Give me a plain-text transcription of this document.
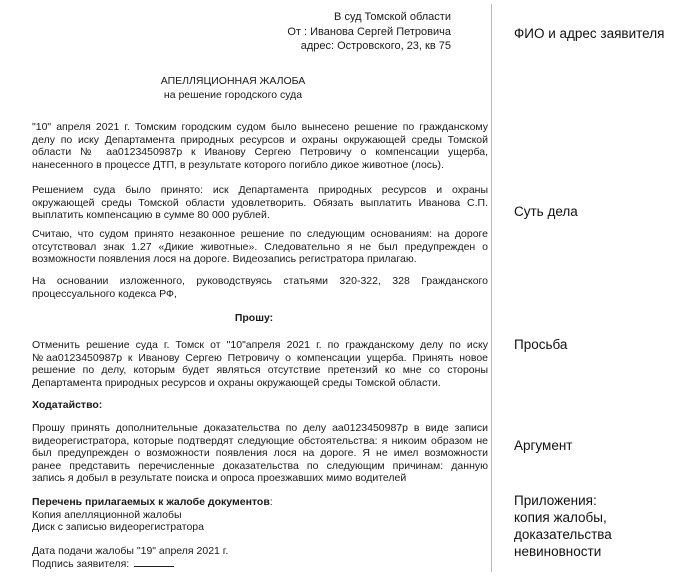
В суд Томской области
От : Иванова Сергей Петровича
адрес: Островского, 23, кв 75
АПЕЛЛЯЦИОННАЯ ЖАЛОБА
на решение городского суда
"10" апреля 2021 г. Томским городским судом было вынесено решение по гражданскому
делу по иску Департамента природных ресурсов и охраны окружающей среды Томской
области № aa0123450987р к Иванову Сергею Петровичу о компенсации ущерба,
нанесенного в процессе ДТП, в результате которого погибло дикое животное (лось).
Решением суда было принято: иск Департамента природных ресурсов и охраны
окружающей среды Томской области удовлетворить. Обязать выплатить Иванова С.П.
выплатить компенсацию в сумме 80 000 рублей.
Считаю, что судом принято незаконное решение по следующим основаниям: на дороге
отсутствовал знак 1.27 «Дикие животные». Следовательно я не был предупрежден о
возможности появления лося на дороге. Видеозапись регистратора прилагаю.
На основании изложенного, руководствуясь статьями 320-322, 328 Гражданского
процессуального кодекса РФ,
Прошу:
Отменить решение суда г. Томск от "10"апреля 2021 г. по гражданскому делу по иску
№aa0123450987р к Иванову Сергею Петровичу о компенсации ущерба. Принять новое
решение по делу, которым будет являться отсутствие претензий ко мне со стороны
Департамента природных ресурсов и охраны окружающей среды Томской области.
Ходатайство:
Прошу принять дополнительные доказательства по делу аа0123450987р в виде записи
видеорегистратора, которые подтвердят следующие обстоятельства: я никоим образом не
был предупрежден о возможности появления лося на дороге. Я не имел возможности
ранее представить перечисленные доказательства по следующим причинам: данную
запись я добыл в результате поиска и опроса проезжавших мимо водителей
Перечень прилагаемых к жалобе документов:
Копия апелляционной жалобы
Диск с записью видеорегистратора
Дата подачи жалобы "19" апреля 2021 г.
Подпись заявителя:
ФИО и адрес заявителя
Суть дела
Просьба
Аргумент
Приложения:
копия жалобы,
доказательства
невиновности
